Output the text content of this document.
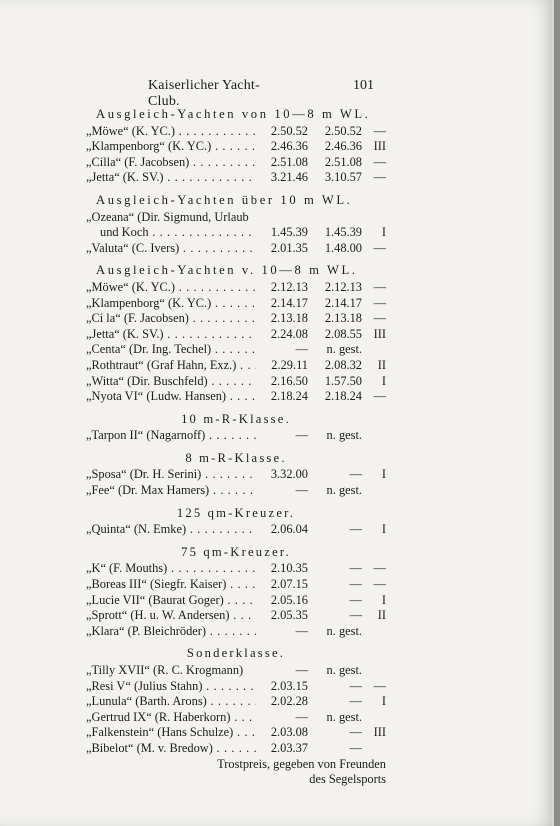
Kaiserlicher Yacht-Club.
101
Ausgleich-Yachten von 10—8 m WL.
„Möwe“ (K. YC.) . . .	2.50.52	2.50.52 —
„Klampenborg“ (K. YC.) . . .	2.46.36	2.46.36 III
„Cilla“ (F. Jacobsen) . . .	2.51.08	2.51.08 —
„Jetta“ (K. SV.) . . .	3.21.46	3.10.57 —
Ausgleich-Yachten über 10 m WL.
„Ozeana“ (Dir. Sigmund, Urlaub
und Koch . . .	1.45.39	1.45.39	I
„Valuta“ (C. Ivers) . . .	2.01.35	1.48.00 —
Ausgleich-Yachten v. 10—8 m WL.
„Möwe“ (K. YC.) . . .	2.12.13	2.12.13 —
„Klampenborg“ (K. YC.) . . .	2.14.17	2.14.17 —
„Ci la“ (F. Jacobsen) . . .	2.13.18	2.13.18 —
„Jetta“ (K. SV.) . . .	2.24.08	2.08.55 III
„Centa“ (Dr. Ing. Techel) . . .	—	n. gest.
„Rothtraut“ (Graf Hahn, Exz.) . . .	2.29.11	2.08.32	II
„Witta“ (Dir. Buschfeld) . . .	2.16.50	1.57.50	I
„Nyota VI“ (Ludw. Hansen) . . .	2.18.24	2.18.24 —
10 m-R-Klasse.
„Tarpon II“ (Nagarnoff) . . .	—	n. gest.
8 m-R-Klasse.
„Sposa“ (Dr. H. Serini) . . .	3.32.00	—	I
„Fee“ (Dr. Max Hamers) . . .	—	n. gest.
125 qm-Kreuzer.
„Quinta“ (N. Emke) . . .	2.06.04	—	I
75 qm-Kreuzer.
„K“ (F. Mouths) . . .	2.10.35	— —
„Boreas III“ (Siegfr. Kaiser) . . .	2.07.15	— —
„Lucie VII“ (Baurat Goger) . . .	2.05.16	—	I
„Sprott“ (H. u. W. Andersen) . . .	2.05.35	—	II
„Klara“ (P. Bleichröder) . . .	—	n. gest.
Sonderklasse.
„Tilly XVII“ (R. C. Krogmann)	—	n. gest.
„Resi V“ (Julius Stahn) . . .	2.03.15	— —
„Lunula“ (Barth. Arons) . . .	2.02.28	—	I
„Gertrud IX“ (R. Haberkorn) . . .	—	n. gest.
„Falkenstein“ (Hans Schulze) . . .	2.03.08	— III
„Bibelot“ (M. v. Bredow) . . .	2.03.37	—
Trostpreis, gegeben von Freunden
des Segelsports
